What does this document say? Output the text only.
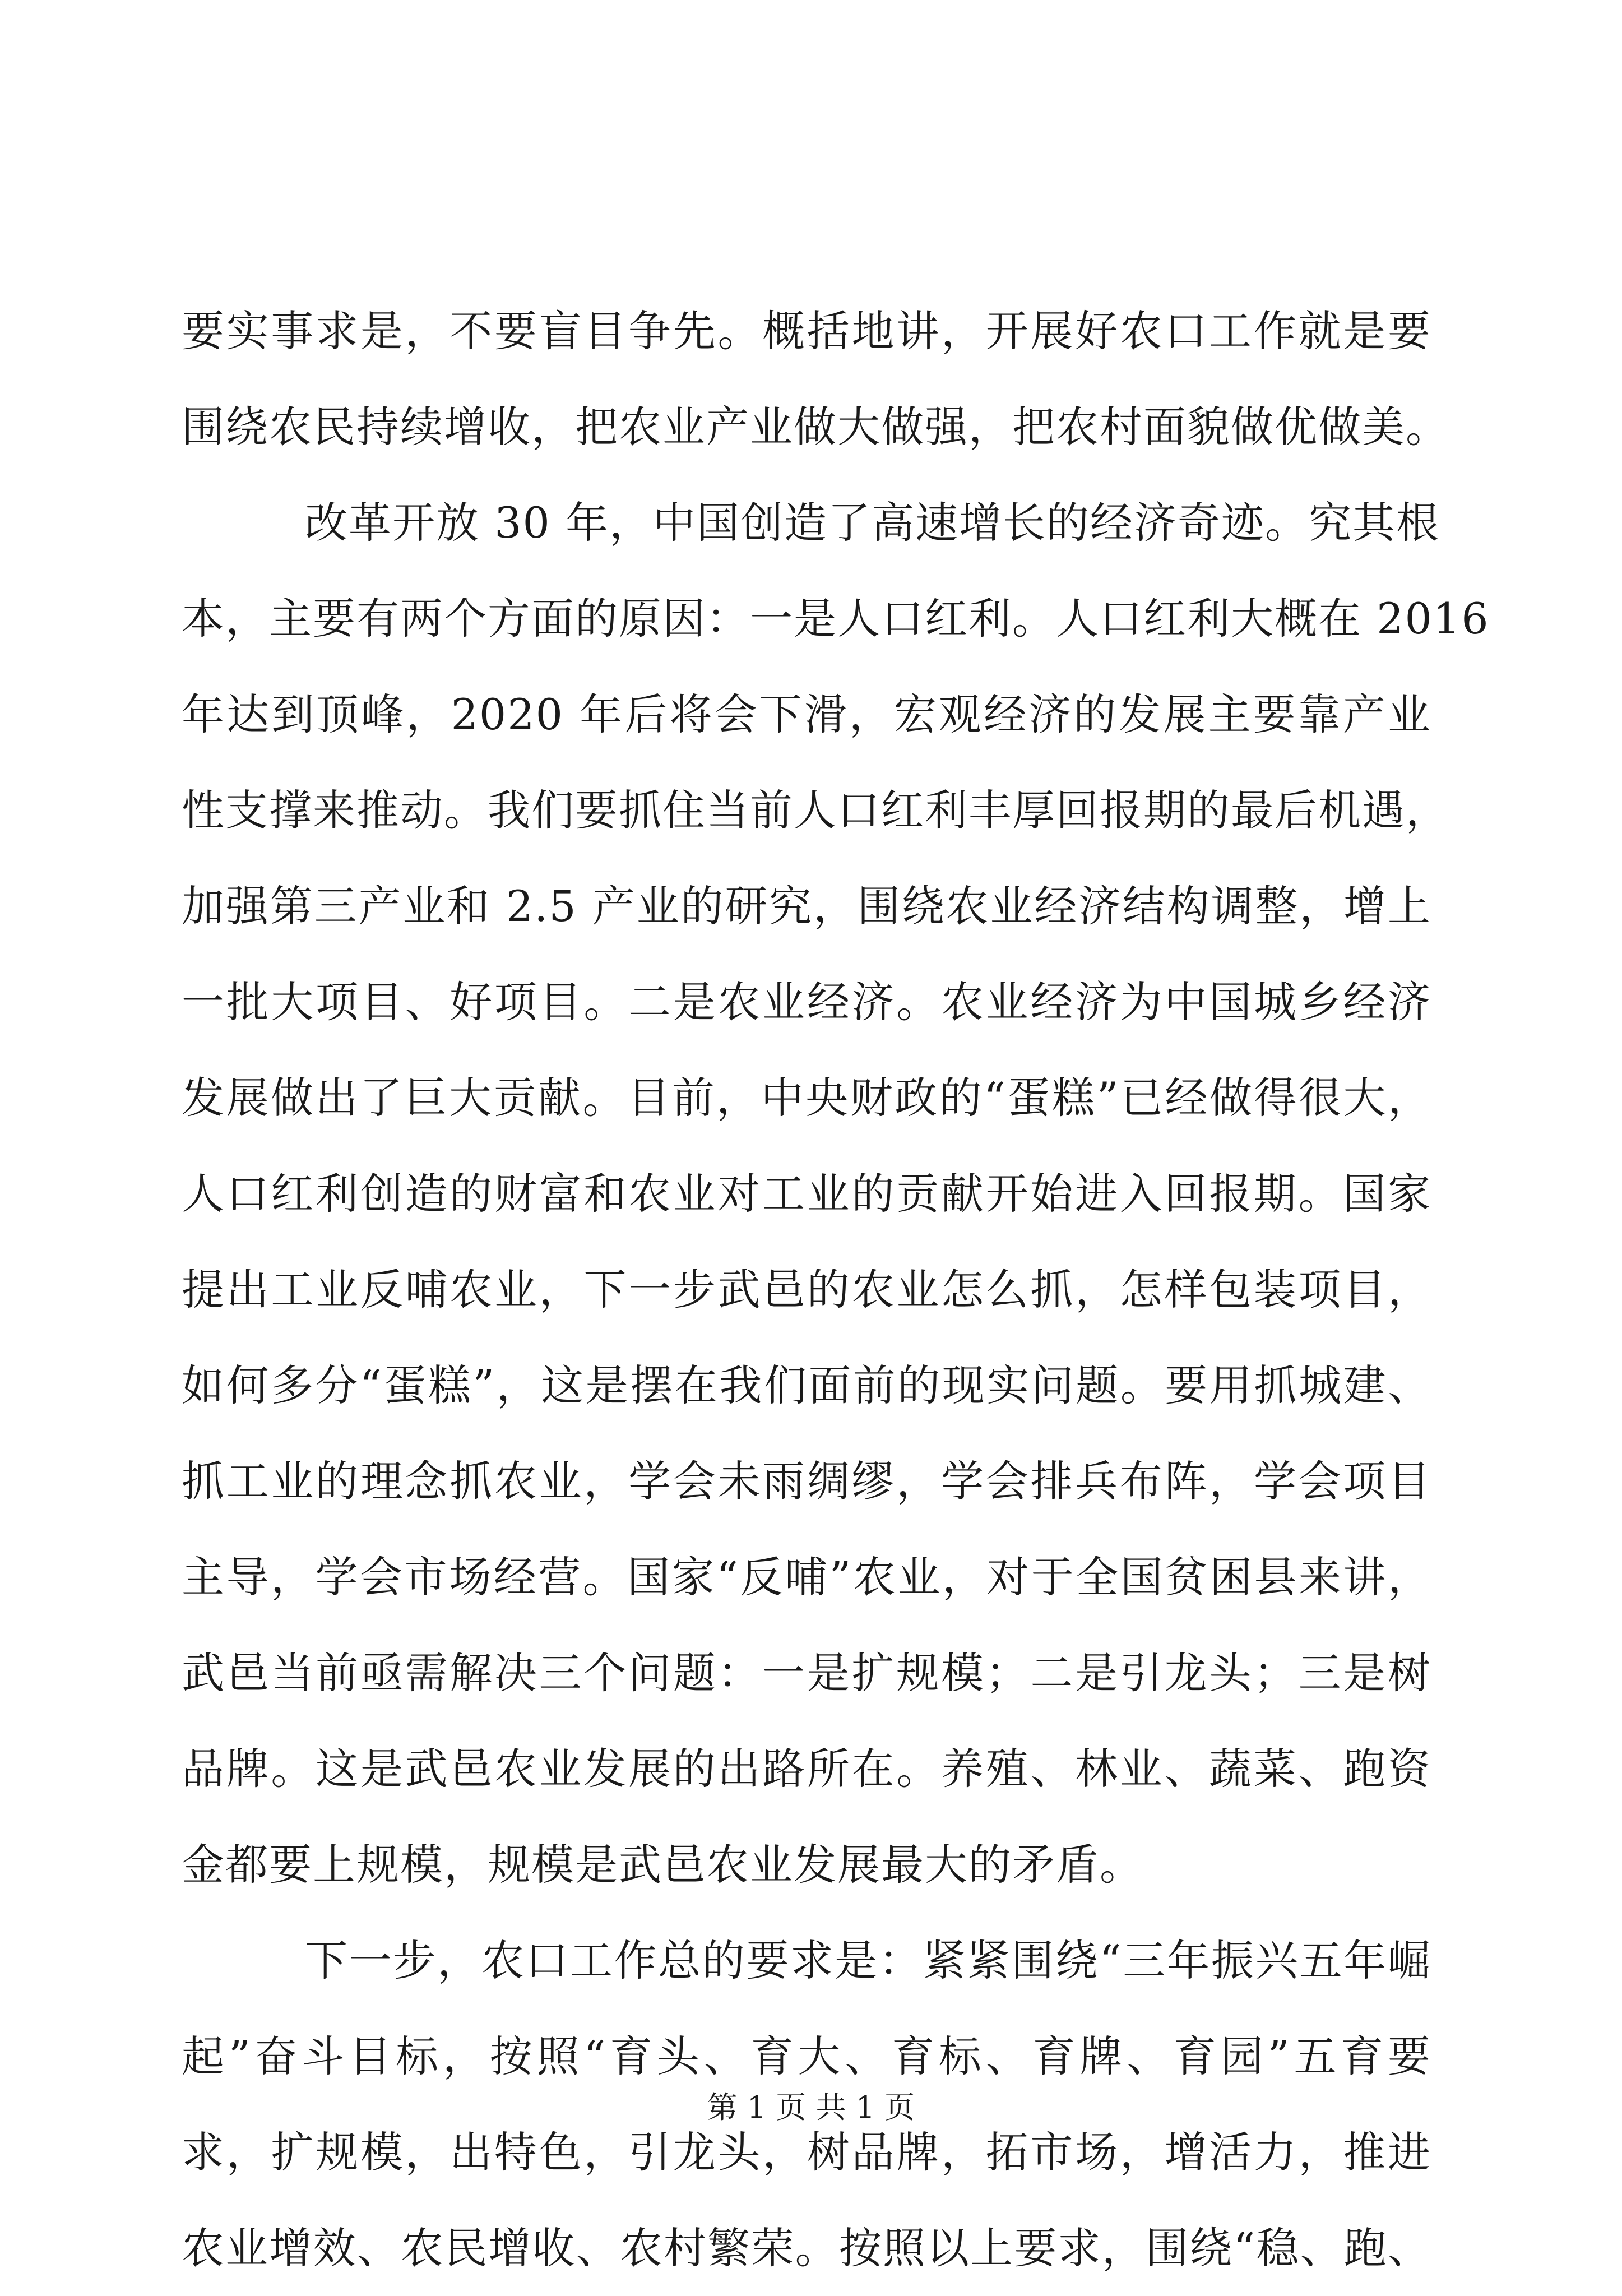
要实事求是，不要盲目争先。概括地讲，开展好农口工作就是要
围绕农民持续增收，把农业产业做大做强，把农村面貌做优做美。
改革开放 30 年，中国创造了高速增长的经济奇迹。究其根
本，主要有两个方面的原因：一是人口红利。人口红利大概在 2016
年达到顶峰，2020 年后将会下滑，宏观经济的发展主要靠产业
性支撑来推动。我们要抓住当前人口红利丰厚回报期的最后机遇，
加强第三产业和 2.5 产业的研究，围绕农业经济结构调整，增上
一批大项目、好项目。二是农业经济。农业经济为中国城乡经济
发展做出了巨大贡献。目前，中央财政的“蛋糕”已经做得很大，
人口红利创造的财富和农业对工业的贡献开始进入回报期。国家
提出工业反哺农业，下一步武邑的农业怎么抓，怎样包装项目，
如何多分“蛋糕”，这是摆在我们面前的现实问题。要用抓城建、
抓工业的理念抓农业，学会未雨绸缪，学会排兵布阵，学会项目
主导，学会市场经营。国家“反哺”农业，对于全国贫困县来讲，
武邑当前亟需解决三个问题：一是扩规模；二是引龙头；三是树
品牌。这是武邑农业发展的出路所在。养殖、林业、蔬菜、跑资
金都要上规模，规模是武邑农业发展最大的矛盾。
下一步，农口工作总的要求是：紧紧围绕“三年振兴五年崛
起”奋斗目标，按照“育头、育大、育标、育牌、育园”五育要
求，扩规模，出特色，引龙头，树品牌，拓市场，增活力，推进
农业增效、农民增收、农村繁荣。按照以上要求，围绕“稳、跑、
第 1 页 共 1 页
